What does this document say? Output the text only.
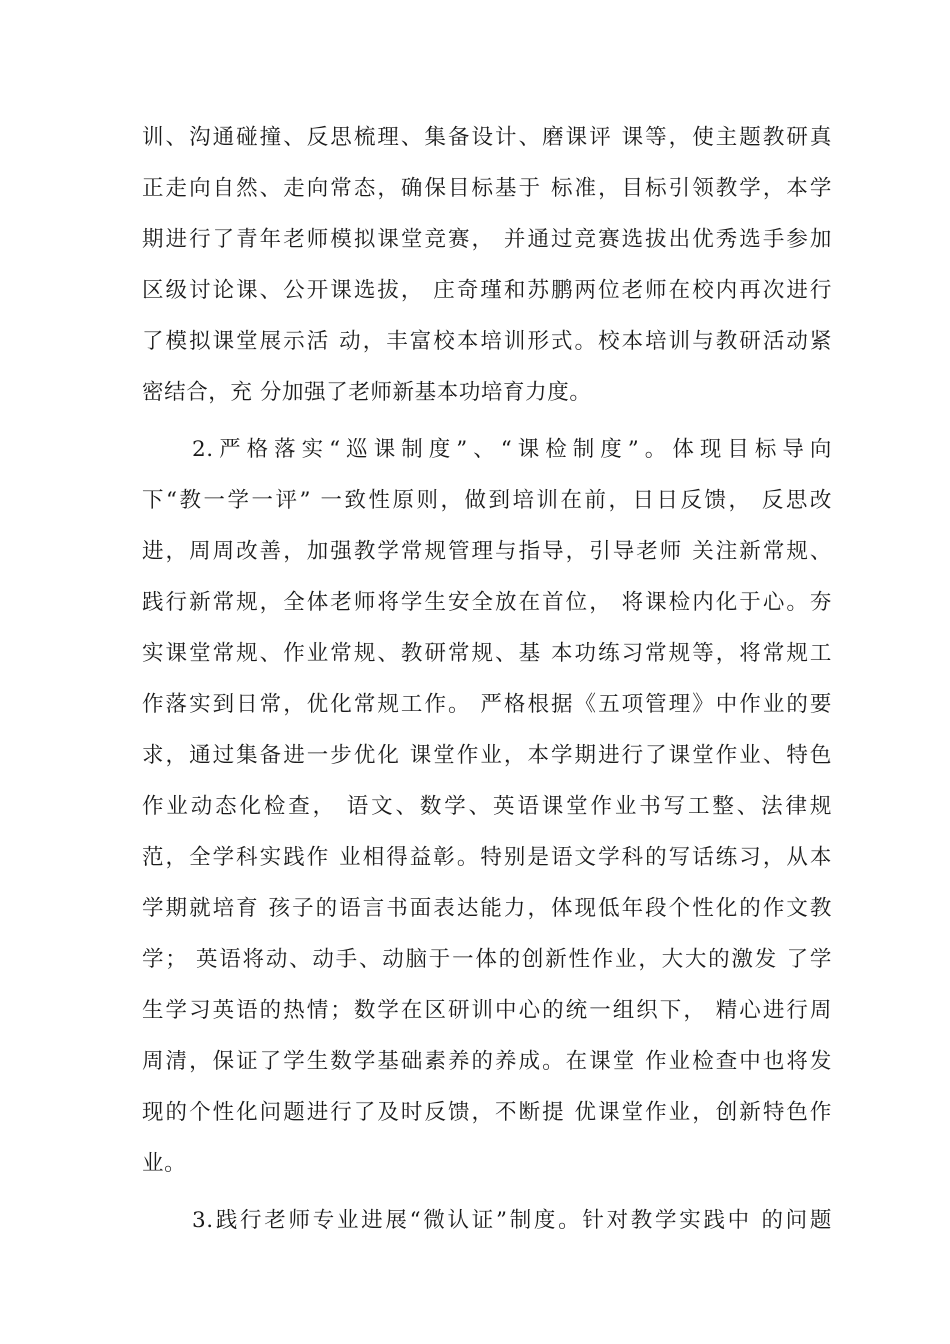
训、沟通碰撞、反思梳理、集备设计、磨课评 课等，使主题教研真
正走向自然、走向常态，确保目标基于 标准，目标引领教学，本学
期进行了青年老师模拟课堂竞赛， 并通过竞赛选拔出优秀选手参加
区级讨论课、公开课选拔， 庄奇瑾和苏鹏两位老师在校内再次进行
了模拟课堂展示活 动，丰富校本培训形式。校本培训与教研活动紧
密结合，充 分加强了老师新基本功培育力度。
2.严格落实“巡课制度”、“课检制度”。体现目标导向
下“教一学一评” 一致性原则，做到培训在前，日日反馈， 反思改
进，周周改善，加强教学常规管理与指导，引导老师 关注新常规、
践行新常规，全体老师将学生安全放在首位， 将课检内化于心。夯
实课堂常规、作业常规、教研常规、基 本功练习常规等，将常规工
作落实到日常，优化常规工作。 严格根据《五项管理》中作业的要
求，通过集备进一步优化 课堂作业，本学期进行了课堂作业、特色
作业动态化检查， 语文、数学、英语课堂作业书写工整、法律规
范，全学科实践作 业相得益彰。特别是语文学科的写话练习，从本
学期就培育 孩子的语言书面表达能力，体现低年段个性化的作文教
学； 英语将动、动手、动脑于一体的创新性作业，大大的激发 了学
生学习英语的热情；数学在区研训中心的统一组织下， 精心进行周
周清，保证了学生数学基础素养的养成。在课堂 作业检查中也将发
现的个性化问题进行了及时反馈，不断提 优课堂作业，创新特色作
业。
3.践行老师专业进展“微认证”制度。针对教学实践中 的问题
